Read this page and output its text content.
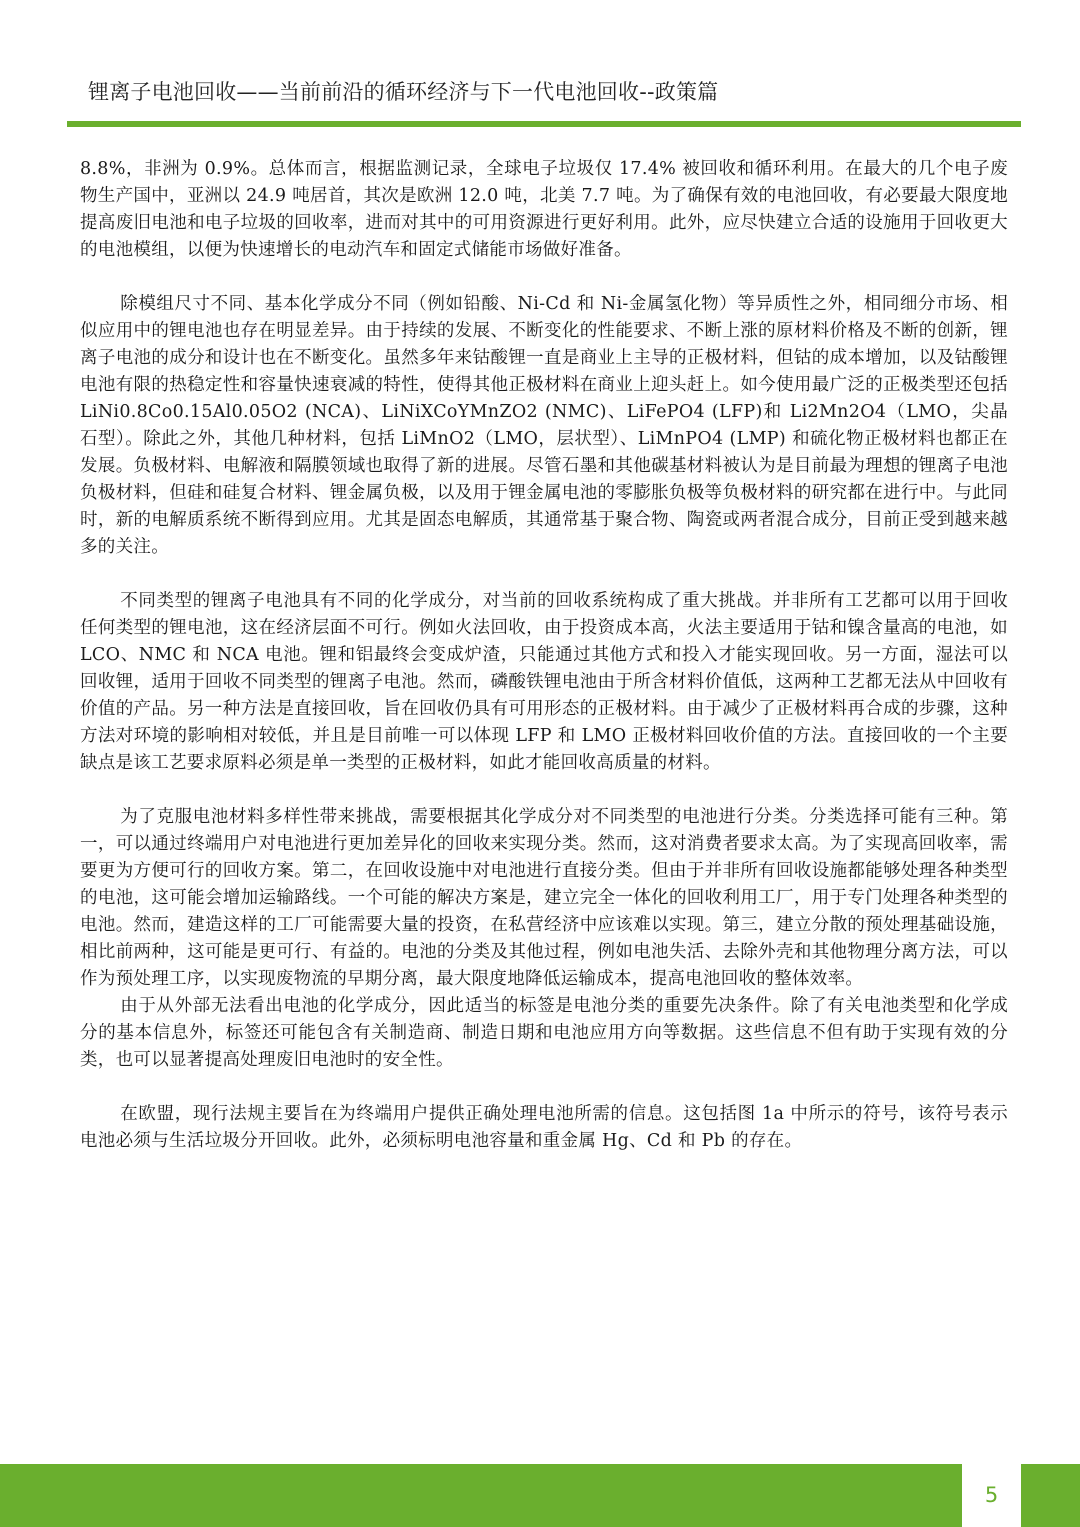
锂离子电池回收——当前前沿的循环经济与下一代电池回收--政策篇

8.8%，非洲为 0.9%。总体而言，根据监测记录，全球电子垃圾仅 17.4% 被回收和循环利用。在最大的几个电子废物生产国中，亚洲以 24.9 吨居首，其次是欧洲 12.0 吨，北美 7.7 吨。为了确保有效的电池回收，有必要最大限度地提高废旧电池和电子垃圾的回收率，进而对其中的可用资源进行更好利用。此外，应尽快建立合适的设施用于回收更大的电池模组，以便为快速增长的电动汽车和固定式储能市场做好准备。

除模组尺寸不同、基本化学成分不同（例如铅酸、Ni-Cd 和 Ni-金属氢化物）等异质性之外，相同细分市场、相似应用中的锂电池也存在明显差异。由于持续的发展、不断变化的性能要求、不断上涨的原材料价格及不断的创新，锂离子电池的成分和设计也在不断变化。虽然多年来钴酸锂一直是商业上主导的正极材料，但钴的成本增加，以及钴酸锂电池有限的热稳定性和容量快速衰减的特性，使得其他正极材料在商业上迎头赶上。如今使用最广泛的正极类型还包括 LiNi0.8Co0.15Al0.05O2 (NCA)、LiNiXCoYMnZO2 (NMC)、LiFePO4 (LFP)和 Li2Mn2O4（LMO，尖晶石型）。除此之外，其他几种材料，包括 LiMnO2（LMO，层状型）、LiMnPO4 (LMP) 和硫化物正极材料也都正在发展。负极材料、电解液和隔膜领域也取得了新的进展。尽管石墨和其他碳基材料被认为是目前最为理想的锂离子电池负极材料，但硅和硅复合材料、锂金属负极，以及用于锂金属电池的零膨胀负极等负极材料的研究都在进行中。与此同时，新的电解质系统不断得到应用。尤其是固态电解质，其通常基于聚合物、陶瓷或两者混合成分，目前正受到越来越多的关注。

不同类型的锂离子电池具有不同的化学成分，对当前的回收系统构成了重大挑战。并非所有工艺都可以用于回收任何类型的锂电池，这在经济层面不可行。例如火法回收，由于投资成本高，火法主要适用于钴和镍含量高的电池，如 LCO、NMC 和 NCA 电池。锂和铝最终会变成炉渣，只能通过其他方式和投入才能实现回收。另一方面，湿法可以回收锂，适用于回收不同类型的锂离子电池。然而，磷酸铁锂电池由于所含材料价值低，这两种工艺都无法从中回收有价值的产品。另一种方法是直接回收，旨在回收仍具有可用形态的正极材料。由于减少了正极材料再合成的步骤，这种方法对环境的影响相对较低，并且是目前唯一可以体现 LFP 和 LMO 正极材料回收价值的方法。直接回收的一个主要缺点是该工艺要求原料必须是单一类型的正极材料，如此才能回收高质量的材料。

为了克服电池材料多样性带来挑战，需要根据其化学成分对不同类型的电池进行分类。分类选择可能有三种。第一，可以通过终端用户对电池进行更加差异化的回收来实现分类。然而，这对消费者要求太高。为了实现高回收率，需要更为方便可行的回收方案。第二，在回收设施中对电池进行直接分类。但由于并非所有回收设施都能够处理各种类型的电池，这可能会增加运输路线。一个可能的解决方案是，建立完全一体化的回收利用工厂，用于专门处理各种类型的电池。然而，建造这样的工厂可能需要大量的投资，在私营经济中应该难以实现。第三，建立分散的预处理基础设施，相比前两种，这可能是更可行、有益的。电池的分类及其他过程，例如电池失活、去除外壳和其他物理分离方法，可以作为预处理工序，以实现废物流的早期分离，最大限度地降低运输成本，提高电池回收的整体效率。

由于从外部无法看出电池的化学成分，因此适当的标签是电池分类的重要先决条件。除了有关电池类型和化学成分的基本信息外，标签还可能包含有关制造商、制造日期和电池应用方向等数据。这些信息不但有助于实现有效的分类，也可以显著提高处理废旧电池时的安全性。

在欧盟，现行法规主要旨在为终端用户提供正确处理电池所需的信息。这包括图 1a 中所示的符号，该符号表示电池必须与生活垃圾分开回收。此外，必须标明电池容量和重金属 Hg、Cd 和 Pb 的存在。

5
